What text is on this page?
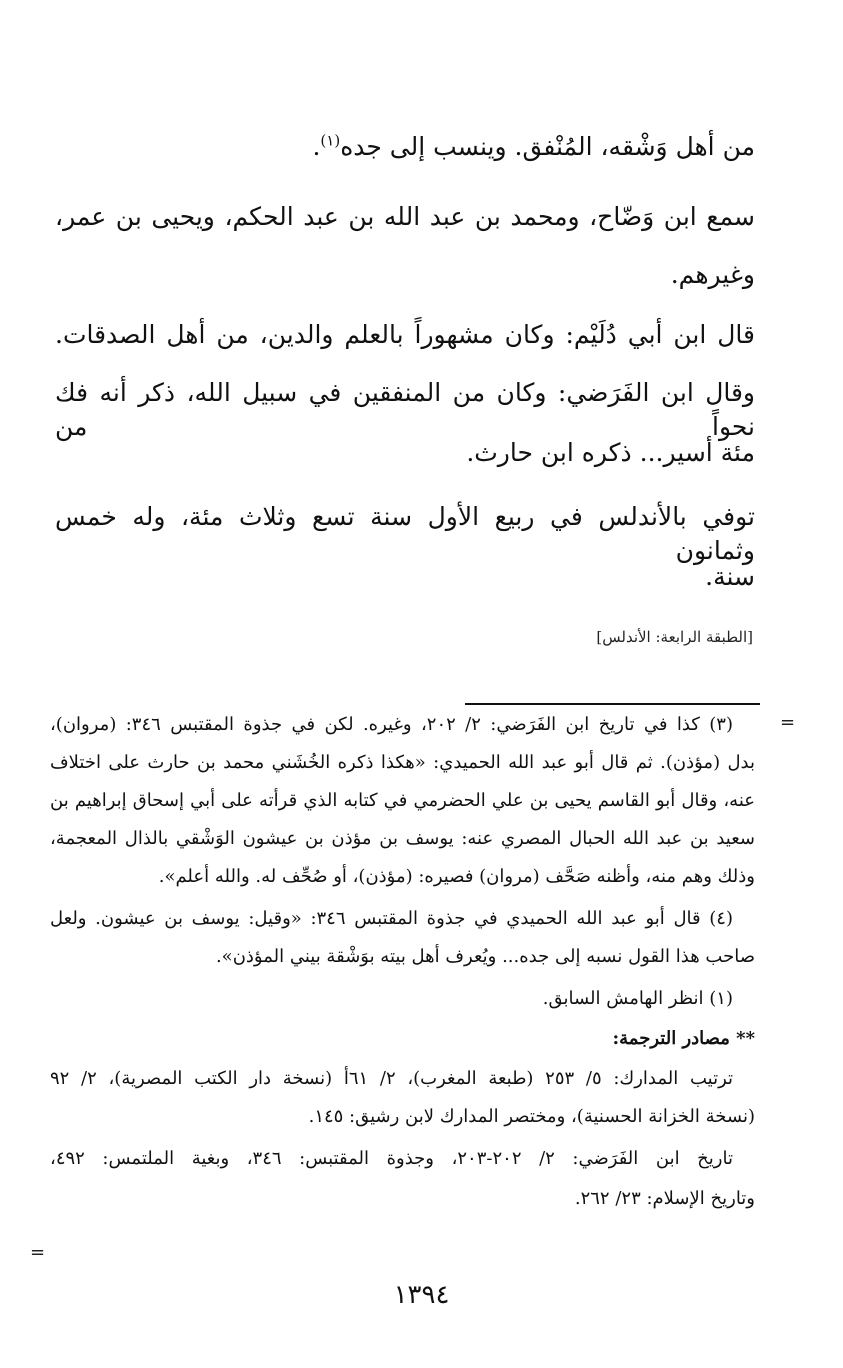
من أهل وَشْقه، المُنْفق. وينسب إلى جده$^{(١)}$.
سمع ابن وَضّاح، ومحمد بن عبد الله بن عبد الحكم، ويحيى بن عمر،
وغيرهم.
قال ابن أبي دُلَيْم: وكان مشهوراً بالعلم والدين، من أهل الصدقات.
وقال ابن الفَرَضي: وكان من المنفقين في سبيل الله، ذكر أنه فك نحواً من
مئة أسير... ذكره ابن حارث.
توفي بالأندلس في ربيع الأول سنة تسع وثلاث مئة، وله خمس وثمانون
سنة.
[الطبقة الرابعة: الأندلس]
=
=
(٣) كذا في تاريخ ابن الفَرَضي: ٢/ ٢٠٢، وغيره. لكن في جذوة المقتبس ٣٤٦: (مروان)،
بدل (مؤذن). ثم قال أبو عبد الله الحميدي: «هكذا ذكره الخُشَني محمد بن حارث على اختلاف
عنه، وقال أبو القاسم يحيى بن علي الحضرمي في كتابه الذي قرأته على أبي إسحاق إبراهيم بن
سعيد بن عبد الله الحبال المصري عنه: يوسف بن مؤذن بن عيشون الوَشْقي بالذال المعجمة،
وذلك وهم منه، وأظنه صَحَّف (مروان) فصيره: (مؤذن)، أو صُحِّف له. والله أعلم».
(٤) قال أبو عبد الله الحميدي في جذوة المقتبس ٣٤٦: «وقيل: يوسف بن عيشون. ولعل
صاحب هذا القول نسبه إلى جده... ويُعرف أهل بيته بوَشْقة بيني المؤذن».
(١) انظر الهامش السابق.
** مصادر الترجمة:
ترتيب المدارك: ٥/ ٢٥٣ (طبعة المغرب)، ٢/ ٦١أ (نسخة دار الكتب المصرية)، ٢/ ٩٢
(نسخة الخزانة الحسنية)، ومختصر المدارك لابن رشيق: ١٤٥.
تاريخ ابن الفَرَضي: ٢/ ٢٠٢-٢٠٣، وجذوة المقتبس: ٣٤٦، وبغية الملتمس: ٤٩٢،
وتاريخ الإسلام: ٢٣/ ٢٦٢.
١٣٩٤
